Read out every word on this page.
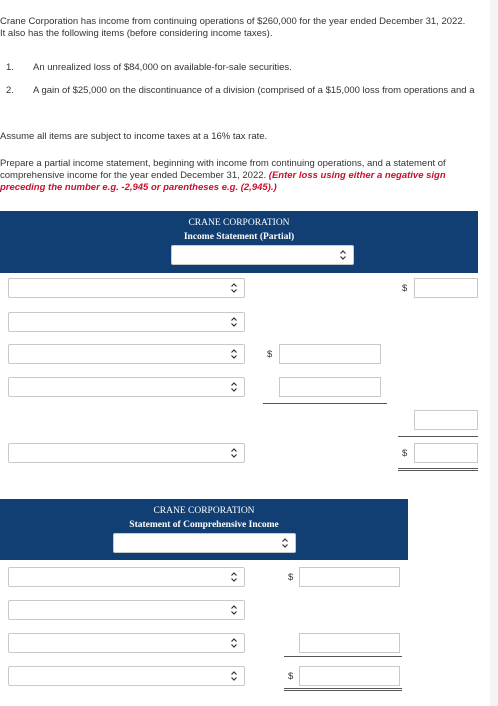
Crane Corporation has income from continuing operations of $260,000 for the year ended December 31, 2022.
It also has the following items (before considering income taxes).
1. An unrealized loss of $84,000 on available-for-sale securities.
2. A gain of $25,000 on the discontinuance of a division (comprised of a $15,000 loss from operations and a
Assume all items are subject to income taxes at a 16% tax rate.
Prepare a partial income statement, beginning with income from continuing operations, and a statement of
comprehensive income for the year ended December 31, 2022. (Enter loss using either a negative sign
preceding the number e.g. -2,945 or parentheses e.g. (2,945).)
CRANE CORPORATION
Income Statement (Partial)
$
$
$
CRANE CORPORATION
Statement of Comprehensive Income
$
$
